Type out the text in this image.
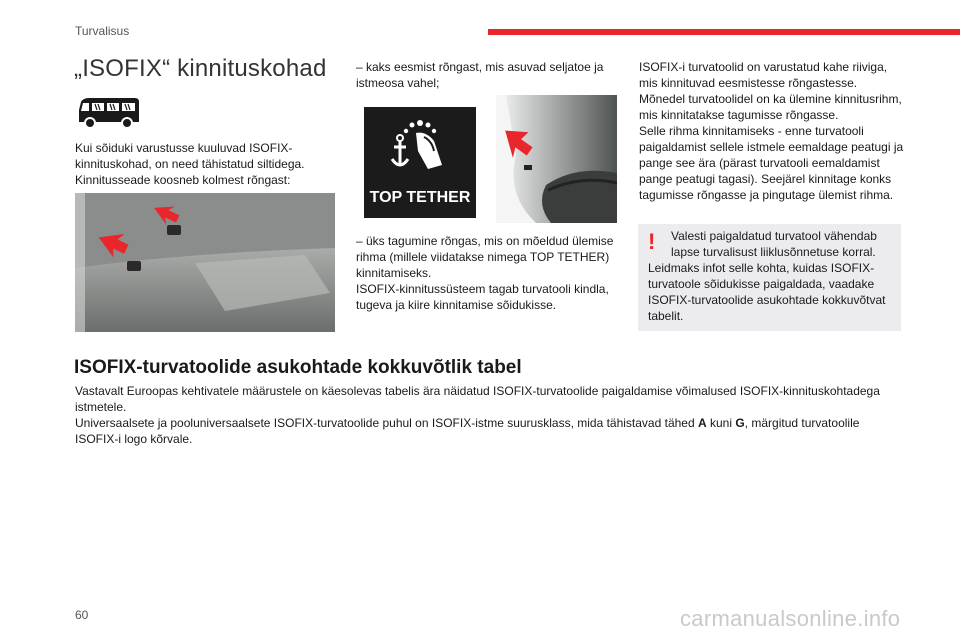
Turvalisus
„ISOFIX“ kinnituskohad

Kui sõiduki varustusse kuuluvad ISOFIX-kinnituskohad, on need tähistatud siltidega. Kinnitusseade koosneb kolmest rõngast:

– kaks eesmist rõngast, mis asuvad seljatoe ja istmeosa vahel;

TOP TETHER

– üks tagumine rõngas, mis on mõeldud ülemise rihma (millele viidatakse nimega TOP TETHER) kinnitamiseks.

ISOFIX-kinnitussüsteem tagab turvatooli kindla, tugeva ja kiire kinnitamise sõidukisse.

ISOFIX-i turvatoolid on varustatud kahe riiviga, mis kinnituvad eesmistesse rõngastesse.

Mõnedel turvatoolidel on ka ülemine kinnitusrihm, mis kinnitatakse tagumisse rõngasse.

Selle rihma kinnitamiseks - enne turvatooli paigaldamist sellele istmele eemaldage peatugi ja pange see ära (pärast turvatooli eemaldamist pange peatugi tagasi). Seejärel kinnitage konks tagumisse rõngasse ja pingutage ülemist rihma.

!	Valesti paigaldatud turvatool vähendab lapse turvalisust liiklusõnnetuse korral.

Leidmaks infot selle kohta, kuidas ISOFIX-turvatoole sõidukisse paigaldada, vaadake ISOFIX-turvatoolide asukohtade kokkuvõtvat tabelit.

ISOFIX-turvatoolide asukohtade kokkuvõtlik tabel

Vastavalt Euroopas kehtivatele määrustele on käesolevas tabelis ära näidatud ISOFIX-turvatoolide paigaldamise võimalused ISOFIX-kinnituskohtadega istmetele.

Universaalsete ja pooluniversaalsete ISOFIX-turvatoolide puhul on ISOFIX-istme suurusklass, mida tähistavad tähed A kuni G, märgitud turvatoolile ISOFIX-i logo kõrvale.

60	carmanualsonline.info
